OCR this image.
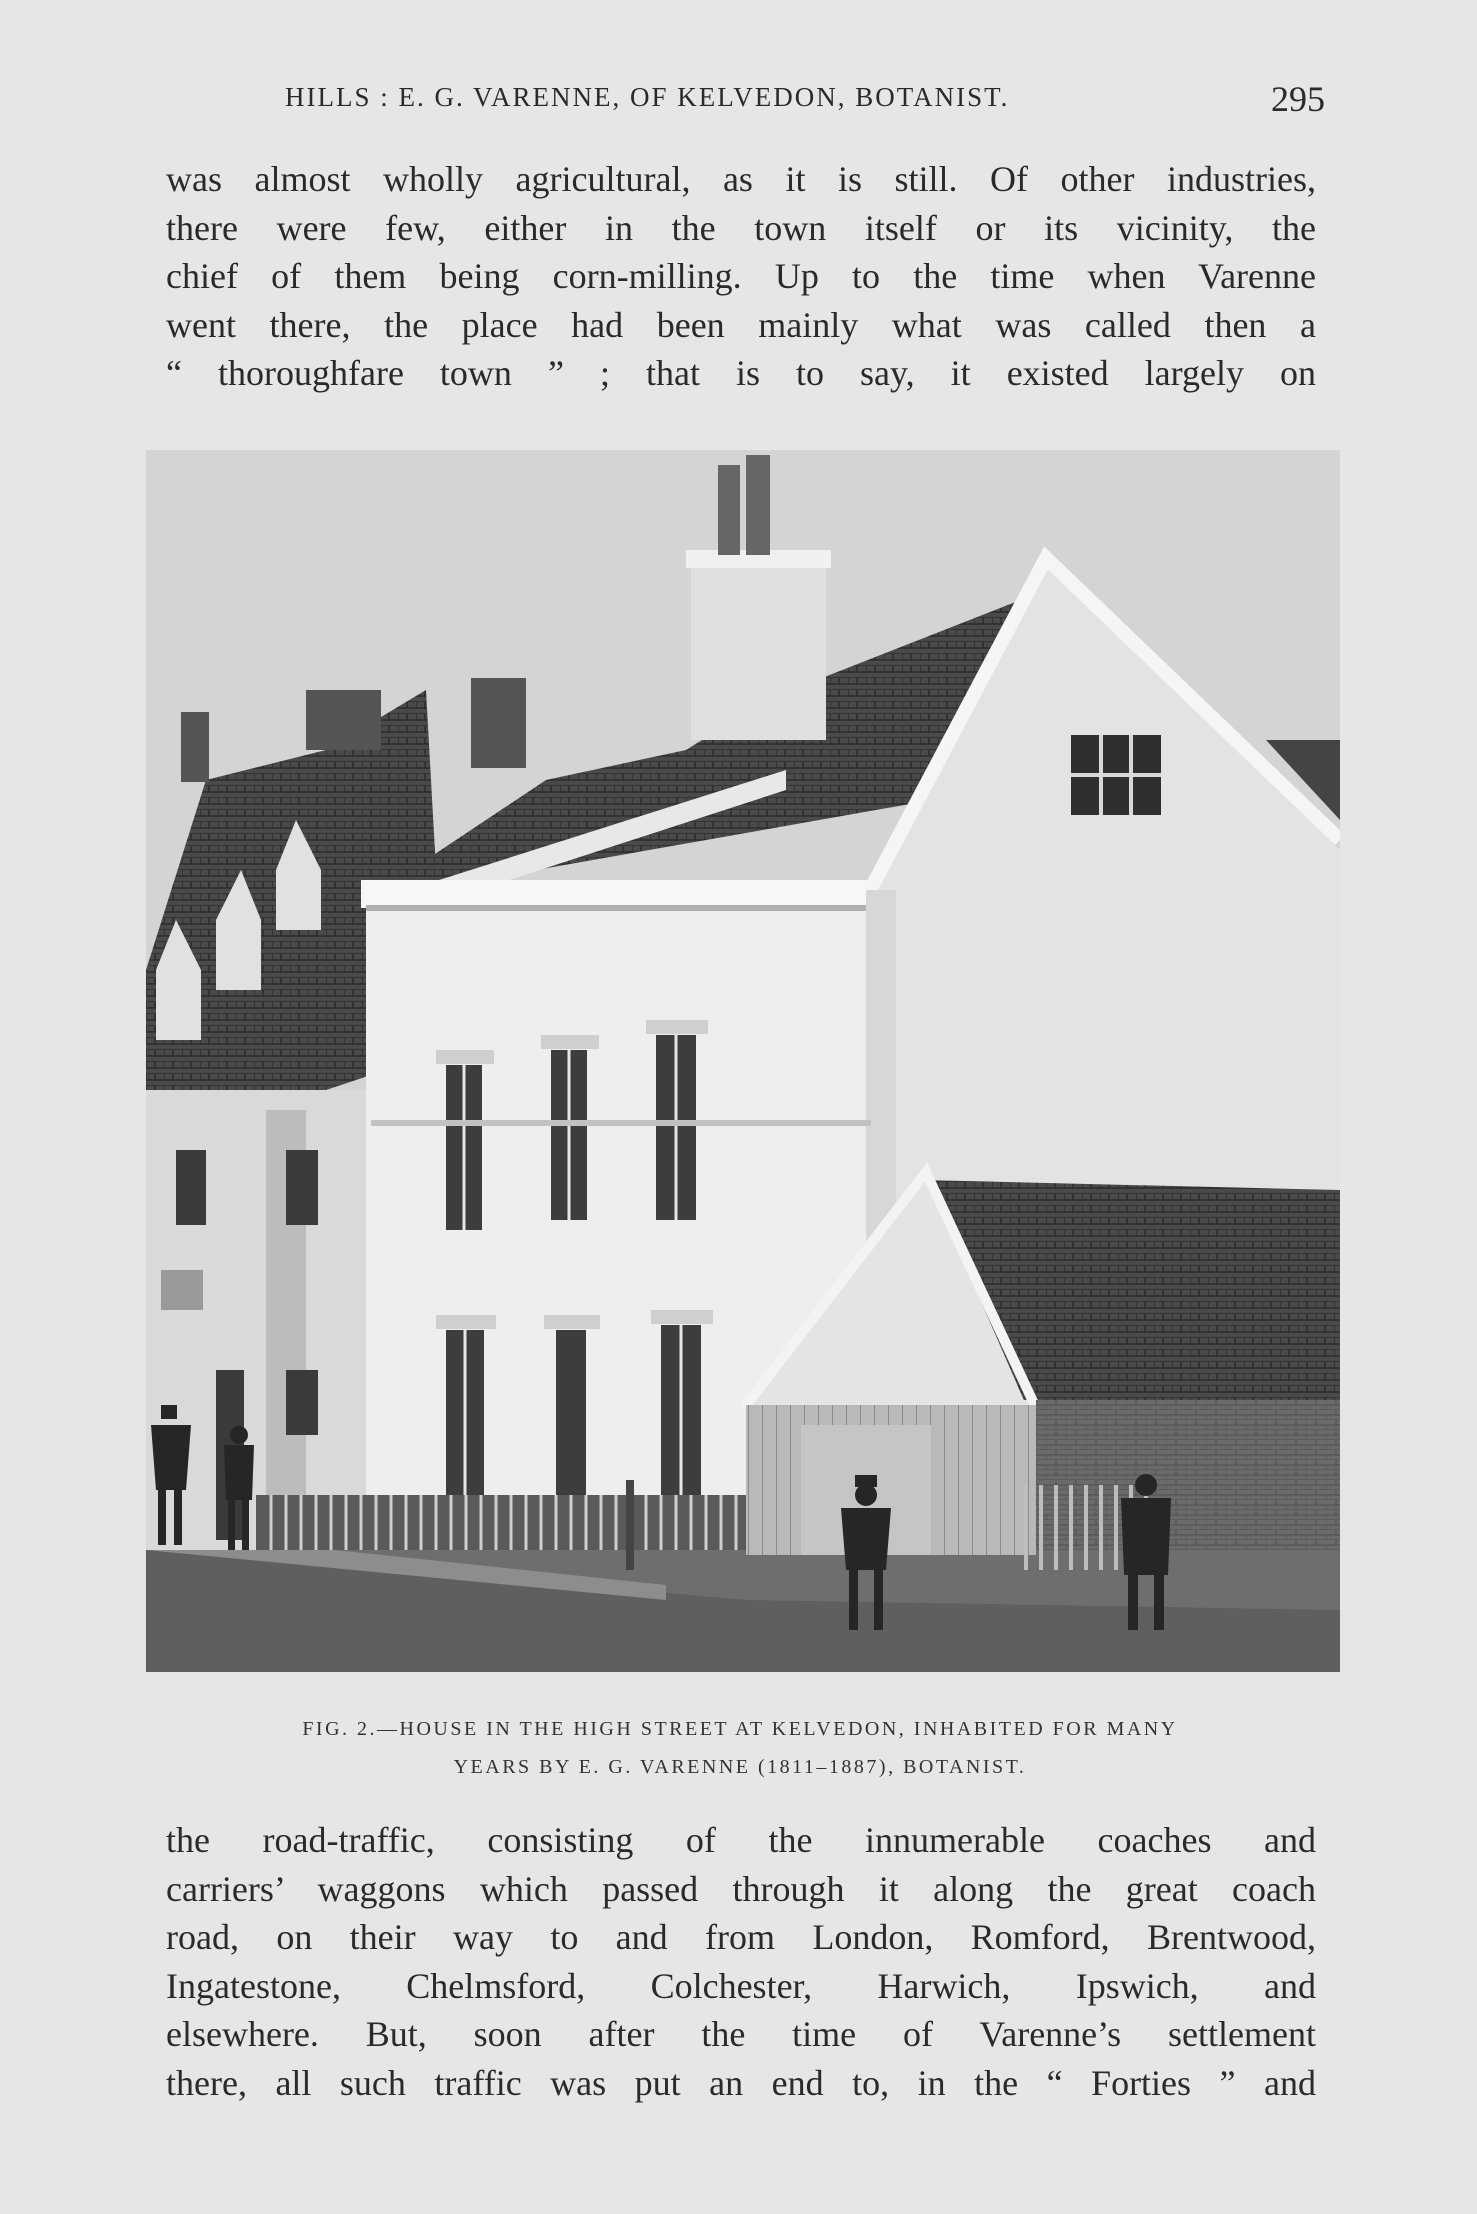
HILLS : E. G. VARENNE, OF KELVEDON, BOTANIST.	295
was almost wholly agricultural, as it is still. Of other industries,
there were few, either in the town itself or its vicinity, the
chief of them being corn-milling. Up to the time when Varenne
went there, the place had been mainly what was called then a
“ thoroughfare town ” ; that is to say, it existed largely on
FIG. 2.—HOUSE IN THE HIGH STREET AT KELVEDON, INHABITED FOR MANY
YEARS BY E. G. VARENNE (1811–1887), BOTANIST.
the road-traffic, consisting of the innumerable coaches and
carriers’ waggons which passed through it along the great coach
road, on their way to and from London, Romford, Brentwood,
Ingatestone, Chelmsford, Colchester, Harwich, Ipswich, and
elsewhere. But, soon after the time of Varenne’s settlement
there, all such traffic was put an end to, in the “ Forties ” and
